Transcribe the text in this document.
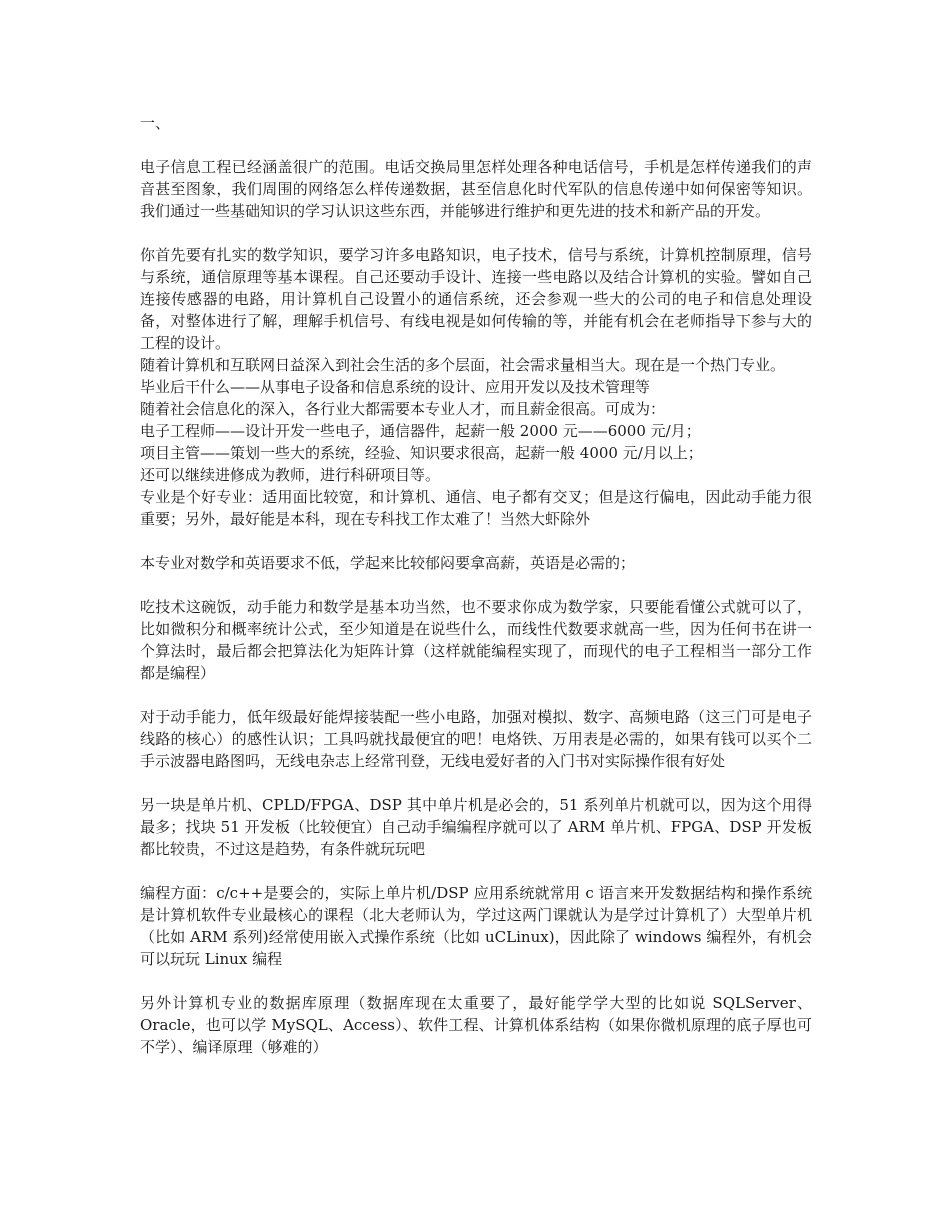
一、

电子信息工程已经涵盖很广的范围。电话交换局里怎样处理各种电话信号，手机是怎样传递我们的声音甚至图象，我们周围的网络怎么样传递数据，甚至信息化时代军队的信息传递中如何保密等知识。我们通过一些基础知识的学习认识这些东西，并能够进行维护和更先进的技术和新产品的开发。

你首先要有扎实的数学知识，要学习许多电路知识，电子技术，信号与系统，计算机控制原理，信号与系统，通信原理等基本课程。自己还要动手设计、连接一些电路以及结合计算机的实验。譬如自己连接传感器的电路，用计算机自己设置小的通信系统，还会参观一些大的公司的电子和信息处理设备，对整体进行了解，理解手机信号、有线电视是如何传输的等，并能有机会在老师指导下参与大的工程的设计。

随着计算机和互联网日益深入到社会生活的多个层面，社会需求量相当大。现在是一个热门专业。

毕业后干什么——从事电子设备和信息系统的设计、应用开发以及技术管理等

随着社会信息化的深入，各行业大都需要本专业人才，而且薪金很高。可成为：

电子工程师——设计开发一些电子，通信器件，起薪一般 2000 元——6000 元/月；

项目主管——策划一些大的系统，经验、知识要求很高，起薪一般 4000 元/月以上；

还可以继续进修成为教师，进行科研项目等。

专业是个好专业：适用面比较宽，和计算机、通信、电子都有交叉；但是这行偏电，因此动手能力很重要；另外，最好能是本科，现在专科找工作太难了！当然大虾除外

本专业对数学和英语要求不低，学起来比较郁闷要拿高薪，英语是必需的；

吃技术这碗饭，动手能力和数学是基本功当然，也不要求你成为数学家，只要能看懂公式就可以了，比如微积分和概率统计公式，至少知道是在说些什么，而线性代数要求就高一些，因为任何书在讲一个算法时，最后都会把算法化为矩阵计算（这样就能编程实现了，而现代的电子工程相当一部分工作都是编程）

对于动手能力，低年级最好能焊接装配一些小电路，加强对模拟、数字、高频电路（这三门可是电子线路的核心）的感性认识；工具吗就找最便宜的吧！电烙铁、万用表是必需的，如果有钱可以买个二手示波器电路图吗，无线电杂志上经常刊登，无线电爱好者的入门书对实际操作很有好处

另一块是单片机、CPLD/FPGA、DSP 其中单片机是必会的，51 系列单片机就可以，因为这个用得最多；找块 51 开发板（比较便宜）自己动手编编程序就可以了 ARM 单片机、FPGA、DSP 开发板都比较贵，不过这是趋势，有条件就玩玩吧

编程方面：c/c++是要会的，实际上单片机/DSP 应用系统就常用 c 语言来开发数据结构和操作系统是计算机软件专业最核心的课程（北大老师认为，学过这两门课就认为是学过计算机了）大型单片机（比如 ARM 系列)经常使用嵌入式操作系统（比如 uCLinux)，因此除了 windows 编程外，有机会可以玩玩 Linux 编程

另外计算机专业的数据库原理（数据库现在太重要了，最好能学学大型的比如说 SQLServer、Oracle，也可以学 MySQL、Access）、软件工程、计算机体系结构（如果你微机原理的底子厚也可不学）、编译原理（够难的）
